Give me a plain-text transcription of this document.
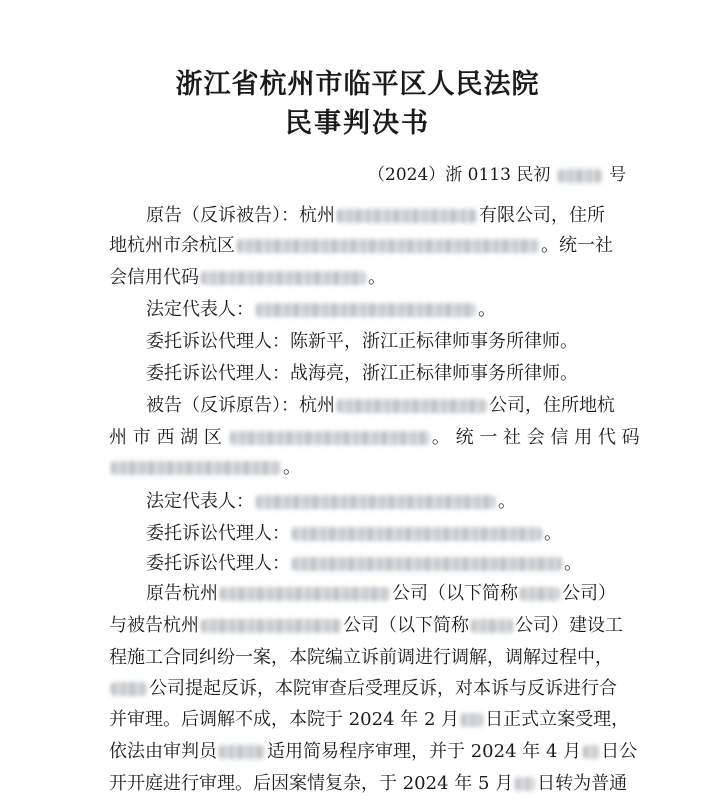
浙江省杭州市临平区人民法院
民事判决书
（2024）浙 0113 民初	号
原告（反诉被告）：杭州	有限公司，住所
地杭州市余杭区	。统一社
会信用代码	。
法定代表人：	。
委托诉讼代理人：陈新平，浙江正标律师事务所律师。
委托诉讼代理人：战海亮，浙江正标律师事务所律师。
被告（反诉原告）：杭州	公司，住所地杭
州 市 西 湖 区	。 统 一 社 会 信 用 代 码
。
法定代表人：	。
委托诉讼代理人：	。
委托诉讼代理人：	。
原告杭州	公司（以下简称 公司）
与被告杭州	公司（以下简称	公司）建设工
程施工合同纠纷一案，本院编立诉前调进行调解，调解过程中，
公司提起反诉，本院审查后受理反诉，对本诉与反诉进行合
并审理。后调解不成，本院于 2024 年 2 月 日正式立案受理，
依法由审判员	适用简易程序审理，并于 2024 年 4 月 日公
开开庭进行审理。后因案情复杂，于 2024 年 5 月 日转为普通
